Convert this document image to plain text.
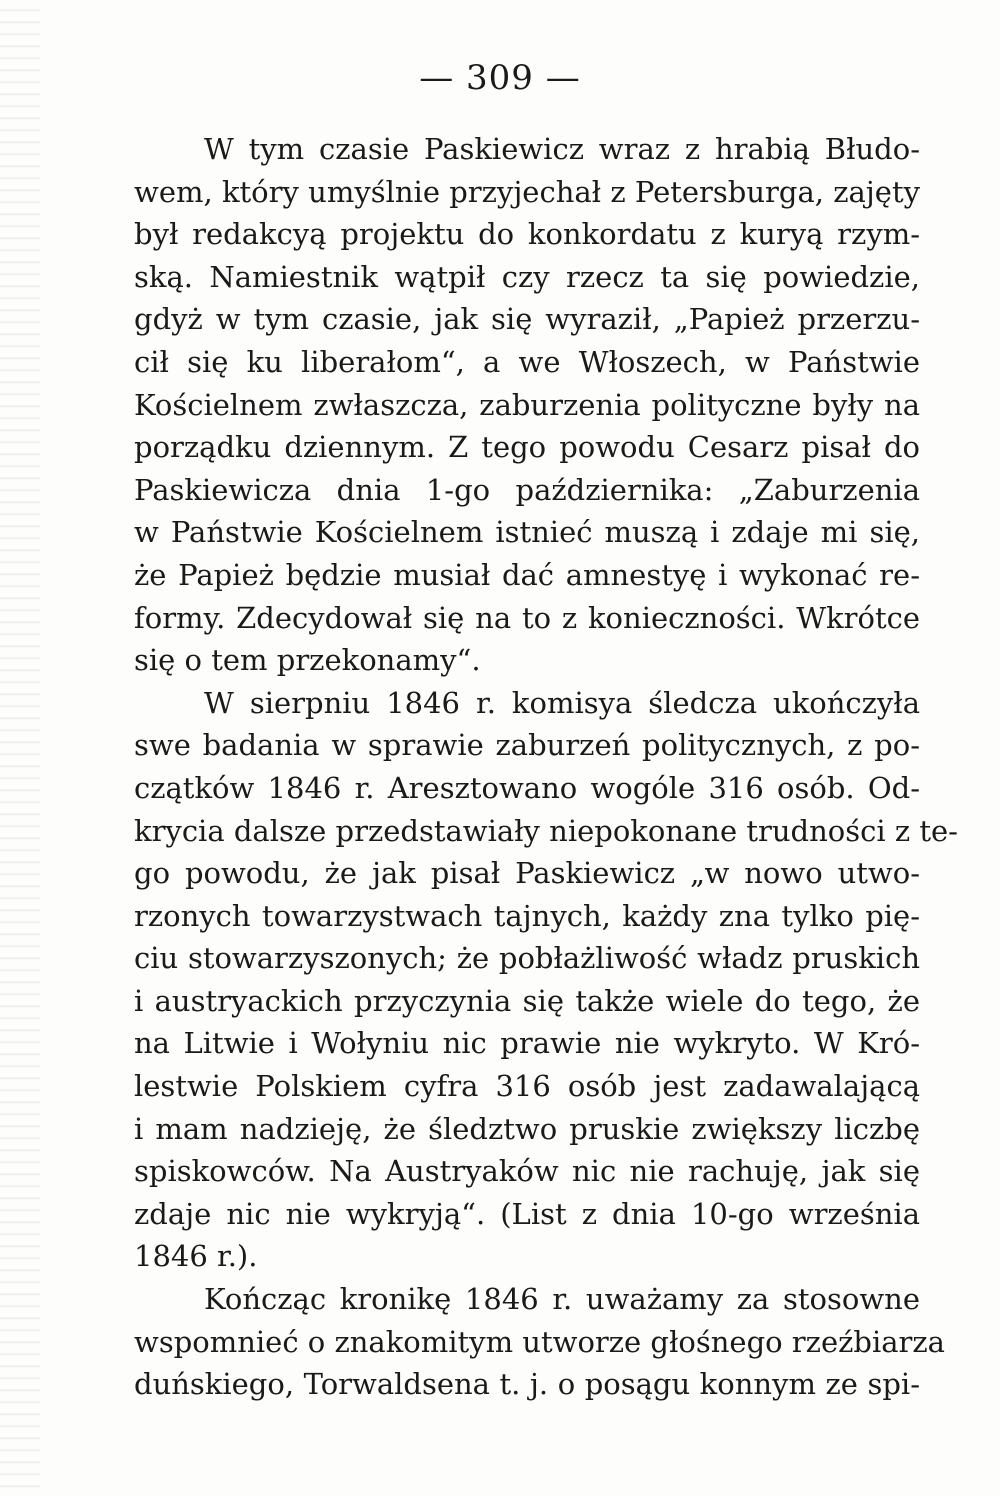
— 309 —
W tym czasie Paskiewicz wraz z hrabią Błudo-
wem, który umyślnie przyjechał z Petersburga, zajęty
był redakcyą projektu do konkordatu z kuryą rzym-
ską. Namiestnik wątpił czy rzecz ta się powiedzie,
gdyż w tym czasie, jak się wyraził, „Papież przerzu-
cił się ku liberałom“, a we Włoszech, w Państwie
Kościelnem zwłaszcza, zaburzenia polityczne były na
porządku dziennym. Z tego powodu Cesarz pisał do
Paskiewicza dnia 1-go października: „Zaburzenia
w Państwie Kościelnem istnieć muszą i zdaje mi się,
że Papież będzie musiał dać amnestyę i wykonać re-
formy. Zdecydował się na to z konieczności. Wkrótce
się o tem przekonamy“.
W sierpniu 1846 r. komisya śledcza ukończyła
swe badania w sprawie zaburzeń politycznych, z po-
czątków 1846 r. Aresztowano wogóle 316 osób. Od-
krycia dalsze przedstawiały niepokonane trudności z te-
go powodu, że jak pisał Paskiewicz „w nowo utwo-
rzonych towarzystwach tajnych, każdy zna tylko pię-
ciu stowarzyszonych; że pobłażliwość władz pruskich
i austryackich przyczynia się także wiele do tego, że
na Litwie i Wołyniu nic prawie nie wykryto. W Kró-
lestwie Polskiem cyfra 316 osób jest zadawalającą
i mam nadzieję, że śledztwo pruskie zwiększy liczbę
spiskowców. Na Austryaków nic nie rachuję, jak się
zdaje nic nie wykryją“. (List z dnia 10-go września
1846 r.).
Kończąc kronikę 1846 r. uważamy za stosowne
wspomnieć o znakomitym utworze głośnego rzeźbiarza
duńskiego, Torwaldsena t. j. o posągu konnym ze spi-
